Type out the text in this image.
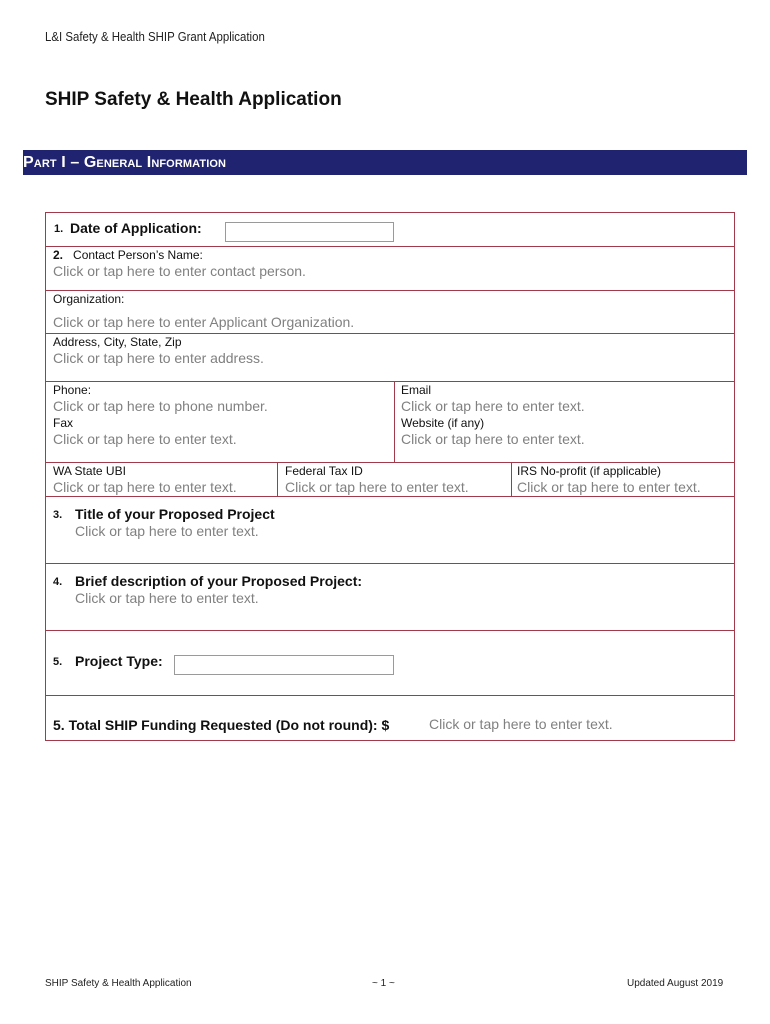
L&I Safety & Health SHIP Grant Application
SHIP Safety & Health Application
Part I – General Information
1. Date of Application:
2. Contact Person’s Name:
Click or tap here to enter contact person.
Organization:
Click or tap here to enter Applicant Organization.
Address, City, State, Zip
Click or tap here to enter address.
Phone:
Click or tap here to phone number.
Fax
Click or tap here to enter text.
Email
Click or tap here to enter text.
Website (if any)
Click or tap here to enter text.
WA State UBI
Click or tap here to enter text.
Federal Tax ID
Click or tap here to enter text.
IRS No-profit (if applicable)
Click or tap here to enter text.
3. Title of your Proposed Project
Click or tap here to enter text.
4. Brief description of your Proposed Project:
Click or tap here to enter text.
5. Project Type:
5. Total SHIP Funding Requested (Do not round): $	Click or tap here to enter text.
SHIP Safety & Health Application	~ 1 ~	Updated August 2019
